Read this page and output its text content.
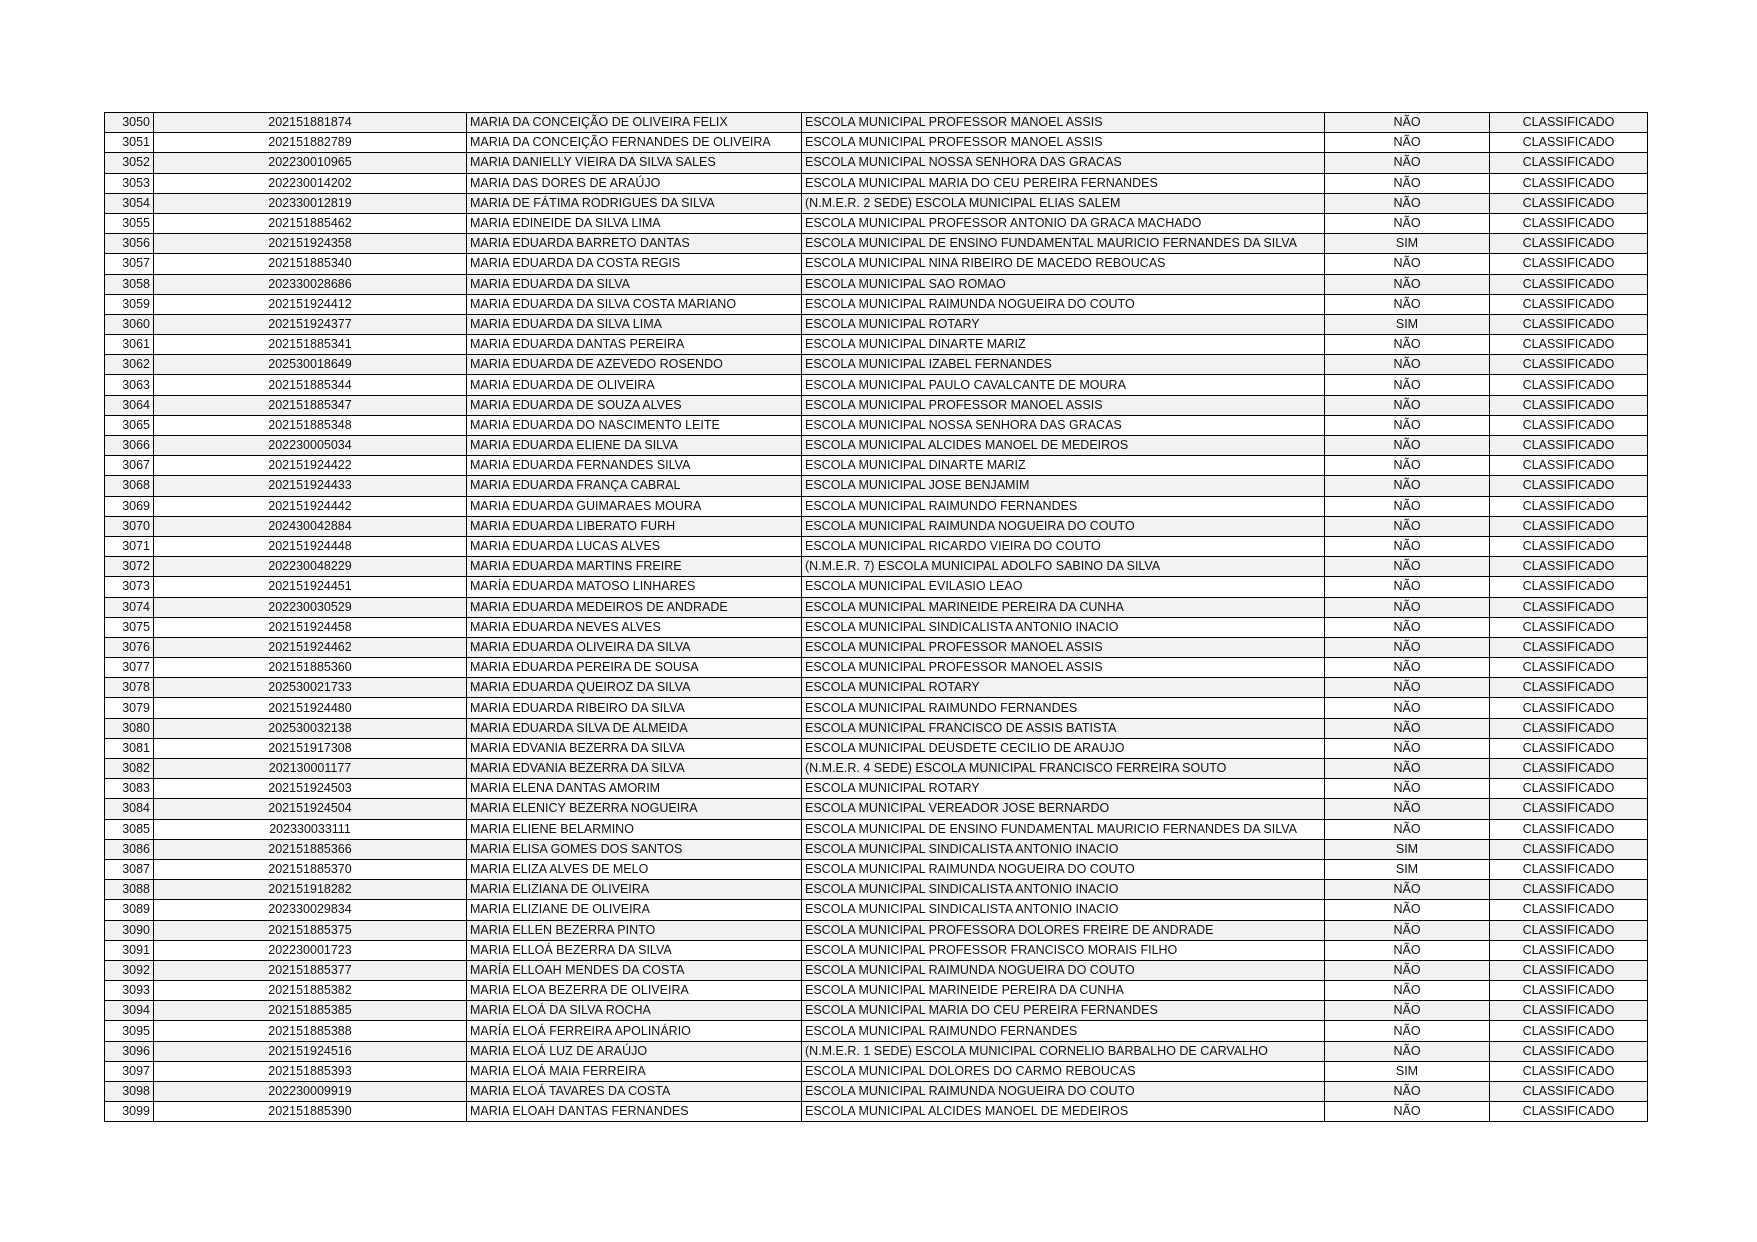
3050	202151881874	MARIA DA CONCEIÇÃO DE OLIVEIRA FELIX	ESCOLA MUNICIPAL PROFESSOR MANOEL ASSIS	NÃO	CLASSIFICADO
3051	202151882789	MARIA DA CONCEIÇÃO FERNANDES DE OLIVEIRA	ESCOLA MUNICIPAL PROFESSOR MANOEL ASSIS	NÃO	CLASSIFICADO
3052	202230010965	MARIA DANIELLY VIEIRA DA SILVA SALES	ESCOLA MUNICIPAL NOSSA SENHORA DAS GRACAS	NÃO	CLASSIFICADO
3053	202230014202	MARIA DAS DORES DE ARAÚJO	ESCOLA MUNICIPAL MARIA DO CEU PEREIRA FERNANDES	NÃO	CLASSIFICADO
3054	202330012819	MARIA DE FÁTIMA RODRIGUES DA SILVA	(N.M.E.R. 2 SEDE) ESCOLA MUNICIPAL ELIAS SALEM	NÃO	CLASSIFICADO
3055	202151885462	MARIA EDINEIDE DA SILVA LIMA	ESCOLA MUNICIPAL PROFESSOR ANTONIO DA GRACA MACHADO	NÃO	CLASSIFICADO
3056	202151924358	MARIA EDUARDA BARRETO DANTAS	ESCOLA MUNICIPAL DE ENSINO FUNDAMENTAL MAURICIO FERNANDES DA SILVA	SIM	CLASSIFICADO
3057	202151885340	MARIA EDUARDA DA COSTA REGIS	ESCOLA MUNICIPAL NINA RIBEIRO DE MACEDO REBOUCAS	NÃO	CLASSIFICADO
3058	202330028686	MARIA EDUARDA DA SILVA	ESCOLA MUNICIPAL SAO ROMAO	NÃO	CLASSIFICADO
3059	202151924412	MARIA EDUARDA DA SILVA COSTA MARIANO	ESCOLA MUNICIPAL RAIMUNDA NOGUEIRA DO COUTO	NÃO	CLASSIFICADO
3060	202151924377	MARIA EDUARDA DA SILVA LIMA	ESCOLA MUNICIPAL ROTARY	SIM	CLASSIFICADO
3061	202151885341	MARIA EDUARDA DANTAS PEREIRA	ESCOLA MUNICIPAL DINARTE MARIZ	NÃO	CLASSIFICADO
3062	202530018649	MARIA EDUARDA DE AZEVEDO ROSENDO	ESCOLA MUNICIPAL IZABEL FERNANDES	NÃO	CLASSIFICADO
3063	202151885344	MARIA EDUARDA DE OLIVEIRA	ESCOLA MUNICIPAL PAULO CAVALCANTE DE MOURA	NÃO	CLASSIFICADO
3064	202151885347	MARIA EDUARDA DE SOUZA ALVES	ESCOLA MUNICIPAL PROFESSOR MANOEL ASSIS	NÃO	CLASSIFICADO
3065	202151885348	MARIA EDUARDA DO NASCIMENTO LEITE	ESCOLA MUNICIPAL NOSSA SENHORA DAS GRACAS	NÃO	CLASSIFICADO
3066	202230005034	MARIA EDUARDA ELIENE DA SILVA	ESCOLA MUNICIPAL ALCIDES MANOEL DE MEDEIROS	NÃO	CLASSIFICADO
3067	202151924422	MARIA EDUARDA FERNANDES SILVA	ESCOLA MUNICIPAL DINARTE MARIZ	NÃO	CLASSIFICADO
3068	202151924433	MARIA EDUARDA FRANÇA CABRAL	ESCOLA MUNICIPAL JOSE BENJAMIM	NÃO	CLASSIFICADO
3069	202151924442	MARIA EDUARDA GUIMARAES MOURA	ESCOLA MUNICIPAL RAIMUNDO FERNANDES	NÃO	CLASSIFICADO
3070	202430042884	MARIA EDUARDA LIBERATO FURH	ESCOLA MUNICIPAL RAIMUNDA NOGUEIRA DO COUTO	NÃO	CLASSIFICADO
3071	202151924448	MARIA EDUARDA LUCAS ALVES	ESCOLA MUNICIPAL RICARDO VIEIRA DO COUTO	NÃO	CLASSIFICADO
3072	202230048229	MARIA EDUARDA MARTINS FREIRE	(N.M.E.R. 7) ESCOLA MUNICIPAL ADOLFO SABINO DA SILVA	NÃO	CLASSIFICADO
3073	202151924451	MARÍA EDUARDA MATOSO LINHARES	ESCOLA MUNICIPAL EVILASIO LEAO	NÃO	CLASSIFICADO
3074	202230030529	MARIA EDUARDA MEDEIROS DE ANDRADE	ESCOLA MUNICIPAL MARINEIDE PEREIRA DA CUNHA	NÃO	CLASSIFICADO
3075	202151924458	MARIA EDUARDA NEVES ALVES	ESCOLA MUNICIPAL SINDICALISTA ANTONIO INACIO	NÃO	CLASSIFICADO
3076	202151924462	MARIA EDUARDA OLIVEIRA DA SILVA	ESCOLA MUNICIPAL PROFESSOR MANOEL ASSIS	NÃO	CLASSIFICADO
3077	202151885360	MARIA EDUARDA PEREIRA DE SOUSA	ESCOLA MUNICIPAL PROFESSOR MANOEL ASSIS	NÃO	CLASSIFICADO
3078	202530021733	MARIA EDUARDA QUEIROZ DA SILVA	ESCOLA MUNICIPAL ROTARY	NÃO	CLASSIFICADO
3079	202151924480	MARIA EDUARDA RIBEIRO DA SILVA	ESCOLA MUNICIPAL RAIMUNDO FERNANDES	NÃO	CLASSIFICADO
3080	202530032138	MARIA EDUARDA SILVA DE ALMEIDA	ESCOLA MUNICIPAL FRANCISCO DE ASSIS BATISTA	NÃO	CLASSIFICADO
3081	202151917308	MARIA EDVANIA BEZERRA DA SILVA	ESCOLA MUNICIPAL DEUSDETE CECILIO DE ARAUJO	NÃO	CLASSIFICADO
3082	202130001177	MARIA EDVANIA BEZERRA DA SILVA	(N.M.E.R. 4 SEDE) ESCOLA MUNICIPAL FRANCISCO FERREIRA SOUTO	NÃO	CLASSIFICADO
3083	202151924503	MARIA ELENA DANTAS AMORIM	ESCOLA MUNICIPAL ROTARY	NÃO	CLASSIFICADO
3084	202151924504	MARIA ELENICY BEZERRA NOGUEIRA	ESCOLA MUNICIPAL VEREADOR JOSE BERNARDO	NÃO	CLASSIFICADO
3085	202330033111	MARIA ELIENE BELARMINO	ESCOLA MUNICIPAL DE ENSINO FUNDAMENTAL MAURICIO FERNANDES DA SILVA	NÃO	CLASSIFICADO
3086	202151885366	MARIA ELISA GOMES DOS SANTOS	ESCOLA MUNICIPAL SINDICALISTA ANTONIO INACIO	SIM	CLASSIFICADO
3087	202151885370	MARIA ELIZA ALVES DE MELO	ESCOLA MUNICIPAL RAIMUNDA NOGUEIRA DO COUTO	SIM	CLASSIFICADO
3088	202151918282	MARIA ELIZIANA DE OLIVEIRA	ESCOLA MUNICIPAL SINDICALISTA ANTONIO INACIO	NÃO	CLASSIFICADO
3089	202330029834	MARIA ELIZIANE DE OLIVEIRA	ESCOLA MUNICIPAL SINDICALISTA ANTONIO INACIO	NÃO	CLASSIFICADO
3090	202151885375	MARIA ELLEN BEZERRA PINTO	ESCOLA MUNICIPAL PROFESSORA DOLORES FREIRE DE ANDRADE	NÃO	CLASSIFICADO
3091	202230001723	MARIA ELLOÁ BEZERRA DA SILVA	ESCOLA MUNICIPAL PROFESSOR FRANCISCO MORAIS FILHO	NÃO	CLASSIFICADO
3092	202151885377	MARÍA ELLOAH MENDES DA COSTA	ESCOLA MUNICIPAL RAIMUNDA NOGUEIRA DO COUTO	NÃO	CLASSIFICADO
3093	202151885382	MARIA ELOA BEZERRA DE OLIVEIRA	ESCOLA MUNICIPAL MARINEIDE PEREIRA DA CUNHA	NÃO	CLASSIFICADO
3094	202151885385	MARIA ELOÁ DA SILVA ROCHA	ESCOLA MUNICIPAL MARIA DO CEU PEREIRA FERNANDES	NÃO	CLASSIFICADO
3095	202151885388	MARÍA ELOÁ FERREIRA APOLINÁRIO	ESCOLA MUNICIPAL RAIMUNDO FERNANDES	NÃO	CLASSIFICADO
3096	202151924516	MARIA ELOÁ LUZ DE ARAÚJO	(N.M.E.R. 1 SEDE) ESCOLA MUNICIPAL CORNELIO BARBALHO DE CARVALHO	NÃO	CLASSIFICADO
3097	202151885393	MARIA ELOÁ MAIA FERREIRA	ESCOLA MUNICIPAL DOLORES DO CARMO REBOUCAS	SIM	CLASSIFICADO
3098	202230009919	MARIA ELOÁ TAVARES DA COSTA	ESCOLA MUNICIPAL RAIMUNDA NOGUEIRA DO COUTO	NÃO	CLASSIFICADO
3099	202151885390	MARIA ELOAH DANTAS FERNANDES	ESCOLA MUNICIPAL ALCIDES MANOEL DE MEDEIROS	NÃO	CLASSIFICADO
